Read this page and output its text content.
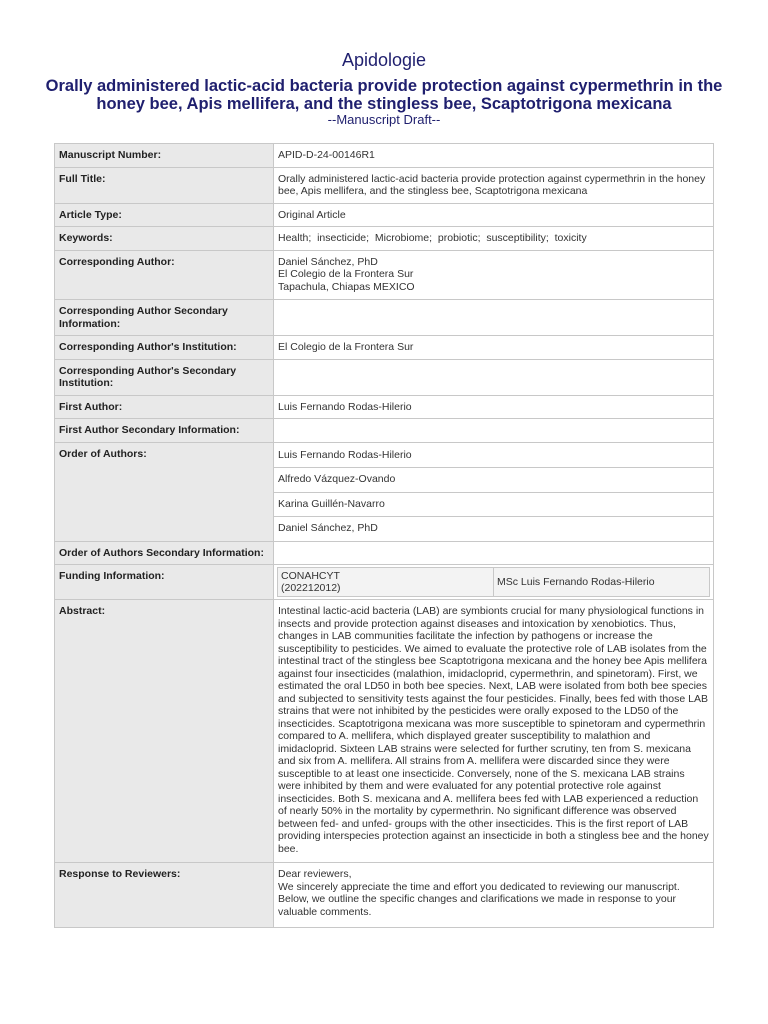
Apidologie
Orally administered lactic-acid bacteria provide protection against cypermethrin in the honey bee, Apis mellifera, and the stingless bee, Scaptotrigona mexicana
--Manuscript Draft--
Manuscript Number:	APID-D-24-00146R1
Full Title:	Orally administered lactic-acid bacteria provide protection against cypermethrin in the honey bee, Apis mellifera, and the stingless bee, Scaptotrigona mexicana
Article Type:	Original Article
Keywords:	Health;  insecticide;  Microbiome;  probiotic;  susceptibility;  toxicity
Corresponding Author:	Daniel Sánchez, PhD
El Colegio de la Frontera Sur
Tapachula, Chiapas MEXICO

Corresponding Author Secondary Information:	
Corresponding Author's Institution:	El Colegio de la Frontera Sur
Corresponding Author's Secondary Institution:	
First Author:	Luis Fernando Rodas-Hilerio
First Author Secondary Information:	
Order of Authors:	Luis Fernando Rodas-Hilerio
Alfredo Vázquez-Ovando
Karina Guillén-Navarro
Daniel Sánchez, PhD
Order of Authors Secondary Information:	
Funding Information:		CONAHCYT
(202212012)	MSc Luis Fernando Rodas-Hilerio

Abstract:	Intestinal lactic-acid bacteria (LAB) are symbionts crucial for many physiological functions in insects and provide protection against diseases and intoxication by xenobiotics. Thus, changes in LAB communities facilitate the infection by pathogens or increase the susceptibility to pesticides. We aimed to evaluate the protective role of LAB isolates from the intestinal tract of the stingless bee Scaptotrigona mexicana and the honey bee Apis mellifera against four insecticides (malathion, imidacloprid, cypermethrin, and spinetoram). First, we estimated the oral LD50 in both bee species. Next, LAB were isolated from both bee species and subjected to sensitivity tests against the four pesticides. Finally, bees fed with those LAB strains that were not inhibited by the pesticides were orally exposed to the LD50 of the insecticides. Scaptotrigona mexicana was more susceptible to spinetoram and cypermethrin compared to A. mellifera, which displayed greater susceptibility to malathion and imidacloprid. Sixteen LAB strains were selected for further scrutiny, ten from S. mexicana and six from A. mellifera. All strains from A. mellifera were discarded since they were susceptible to at least one insecticide. Conversely, none of the S. mexicana LAB strains were inhibited by them and were evaluated for any potential protective role against insecticides. Both S. mexicana and A. mellifera bees fed with LAB experienced a reduction of nearly 50% in the mortality by cypermethrin. No significant difference was observed between fed- and unfed- groups with the other insecticides. This is the first report of LAB providing interspecies protection against an insecticide in both a stingless bee and the honey bee.
Response to Reviewers:	Dear reviewers,
We sincerely appreciate the time and effort you dedicated to reviewing our manuscript. Below, we outline the specific changes and clarifications we made in response to your valuable comments.
